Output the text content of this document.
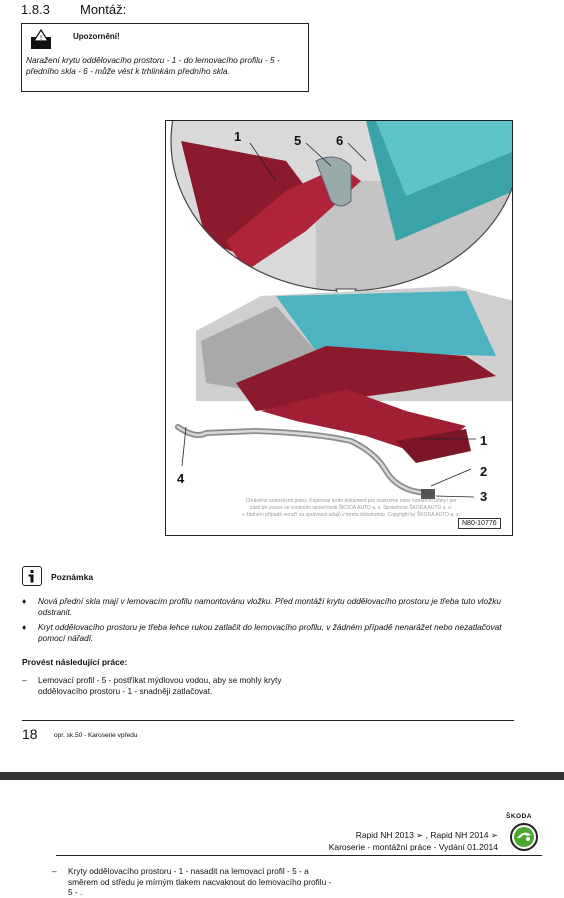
1.8.3 Montáž:
!	Upozornění!
Naražení krytu oddělovacího prostoru - 1 - do lemovacího profilu - 5 - předního skla - 6 - může vést k trhlinkám předního skla.
1	5	6
1
2
3
4
Chráněno autorskými právy. Kopírovat tento dokument pro soukromé nebo komerční účely i jen
části lze pouze se svolením společnosti ŠKODA AUTO a. s. Společnost ŠKODA AUTO a. s.
v žádném případě neručí za správnost údajů v tomto dokumentu. Copyright by ŠKODA AUTO a. s.
N80-10776
Poznámka
♦ Nová přední skla mají v lemovacím profilu namontovánu vložku. Před montáží krytu oddělovacího prostoru je třeba tuto vložku odstranit.
♦ Kryt oddělovacího prostoru je třeba lehce rukou zatlačit do lemovacího profilu, v žádném případě nenarážet nebo nezatlačovat pomocí nářadí.
Provést následující práce:
– Lemovací profil - 5 - postříkat mýdlovou vodou, aby se mohly kryty oddělovacího prostoru - 1 - snadněji zatlačovat.
18	opr. sk.50 - Karoserie vpředu
ŠKODA
Rapid NH 2013 ➢ , Rapid NH 2014 ➢
Karoserie - montážní práce - Vydání 01.2014
– Kryty oddělovacího prostoru - 1 - nasadit na lemovací profil - 5 - a směrem od středu je mírným tlakem nacvaknout do lemovacího profilu - 5 - .
